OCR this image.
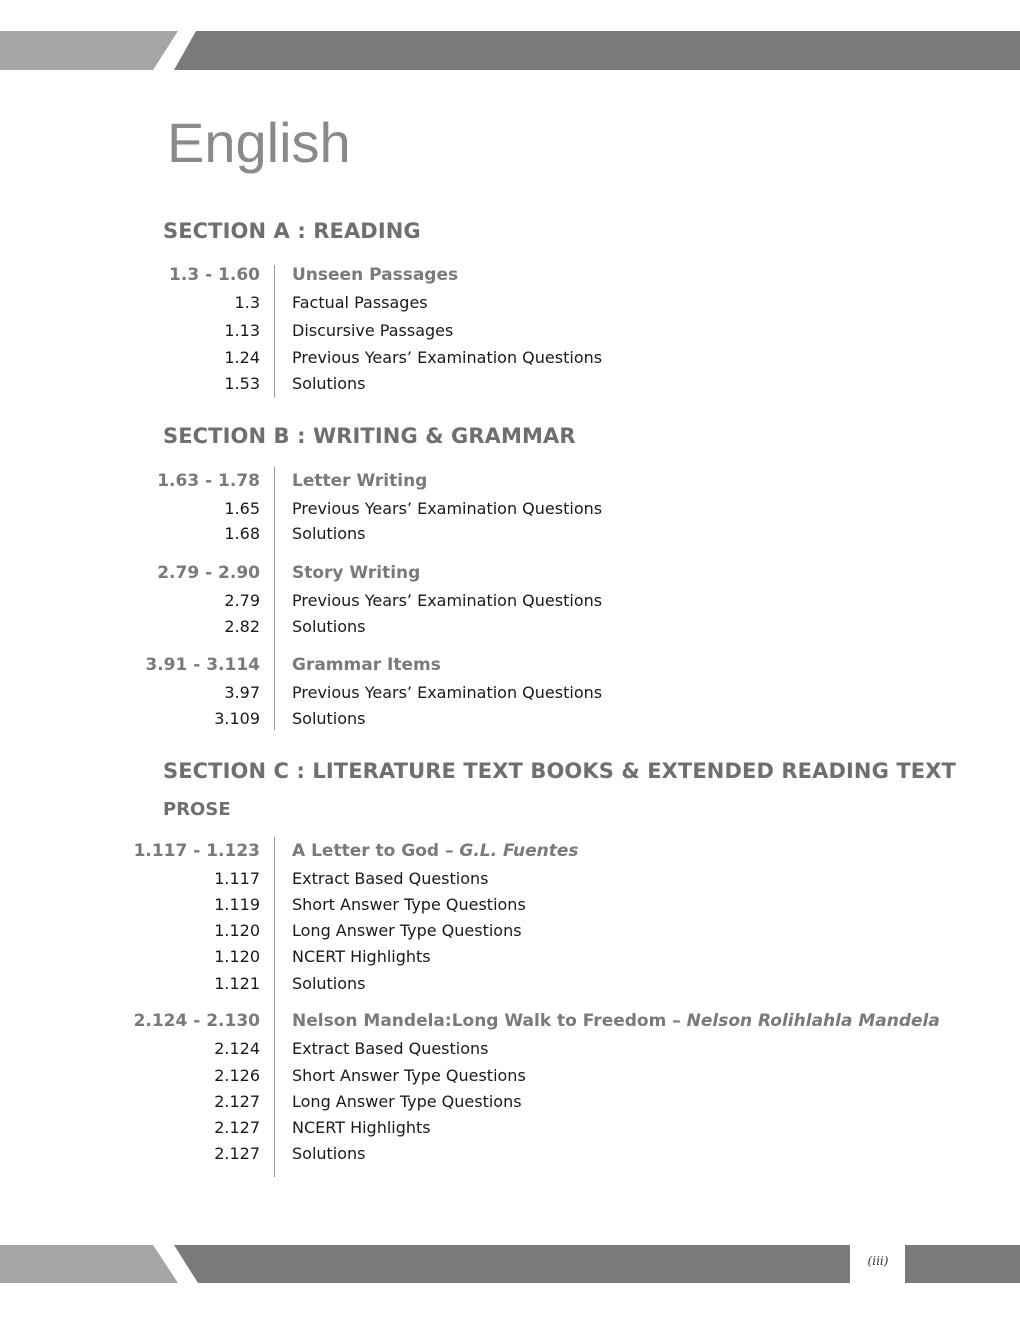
(iii)
English
SECTION A : READING
1.3 - 1.60 Unseen Passages
1.3 Factual Passages
1.13 Discursive Passages
1.24 Previous Years’ Examination Questions
1.53 Solutions
SECTION B : WRITING & GRAMMAR
1.63 - 1.78 Letter Writing
1.65 Previous Years’ Examination Questions
1.68 Solutions
2.79 - 2.90 Story Writing
2.79 Previous Years’ Examination Questions
2.82 Solutions
3.91 - 3.114 Grammar Items
3.97 Previous Years’ Examination Questions
3.109 Solutions
SECTION C : LITERATURE TEXT BOOKS & EXTENDED READING TEXT
PROSE
1.117 - 1.123 A Letter to God – G.L. Fuentes
1.117 Extract Based Questions
1.119 Short Answer Type Questions
1.120 Long Answer Type Questions
1.120 NCERT Highlights
1.121 Solutions
2.124 - 2.130 Nelson Mandela:Long Walk to Freedom – Nelson Rolihlahla Mandela
2.124 Extract Based Questions
2.126 Short Answer Type Questions
2.127 Long Answer Type Questions
2.127 NCERT Highlights
2.127 Solutions
